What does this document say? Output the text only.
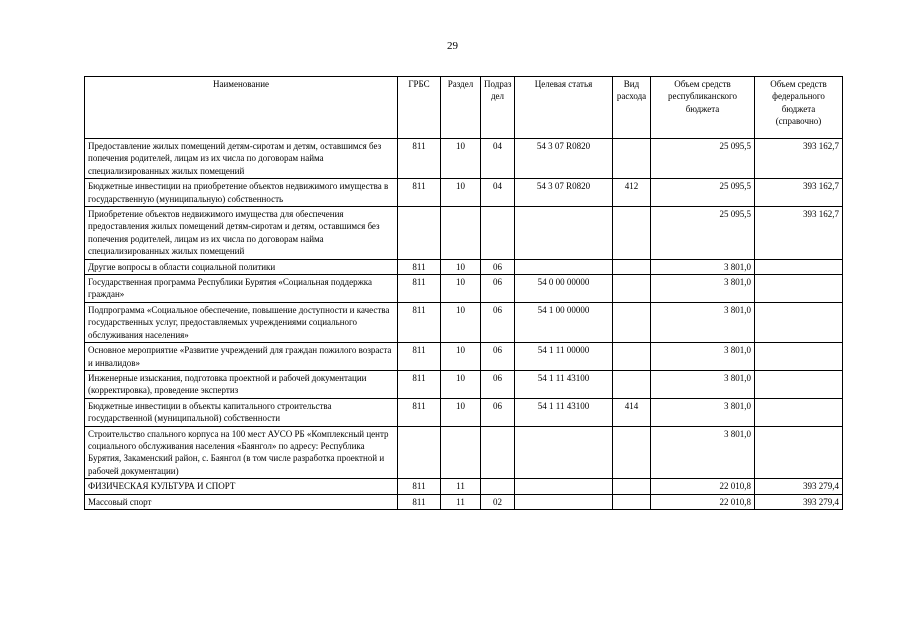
29
Наименование	ГРБС	Раздел	Подраз дел	Целевая статья	Вид расхода	Объем средств республиканского бюджета	Объем средств федерального бюджета (справочно)
Предоставление жилых помещений детям-сиротам и детям, оставшимся без попечения родителей, лицам из их числа по договорам найма специализированных жилых помещений	811	10	04	54 3 07 R0820		25 095,5	393 162,7
Бюджетные инвестиции на приобретение объектов недвижимого имущества в государственную (муниципальную) собственность	811	10	04	54 3 07 R0820	412	25 095,5	393 162,7
Приобретение объектов недвижимого имущества для обеспечения предоставления жилых помещений детям-сиротам и детям, оставшимся без попечения родителей, лицам из их числа по договорам найма специализированных жилых помещений						25 095,5	393 162,7
Другие вопросы в области социальной политики	811	10	06			3 801,0	
Государственная программа Республики Бурятия «Социальная поддержка граждан»	811	10	06	54 0 00 00000		3 801,0	
Подпрограмма «Социальное обеспечение, повышение доступности и качества государственных услуг, предоставляемых учреждениями социального обслуживания населения»	811	10	06	54 1 00 00000		3 801,0	
Основное мероприятие «Развитие учреждений для граждан пожилого возраста и инвалидов»	811	10	06	54 1 11 00000		3 801,0	
Инженерные изыскания, подготовка проектной и рабочей документации (корректировка), проведение экспертиз	811	10	06	54 1 11 43100		3 801,0	
Бюджетные инвестиции в объекты капитального строительства государственной (муниципальной) собственности	811	10	06	54 1 11 43100	414	3 801,0	
Строительство спального корпуса на 100 мест АУСО РБ «Комплексный центр социального обслуживания населения «Баянгол» по адресу: Республика Бурятия, Закаменский район, с. Баянгол (в том числе разработка проектной и рабочей документации)						3 801,0	
ФИЗИЧЕСКАЯ КУЛЬТУРА И СПОРТ	811	11				22 010,8	393 279,4
Массовый спорт	811	11	02			22 010,8	393 279,4
